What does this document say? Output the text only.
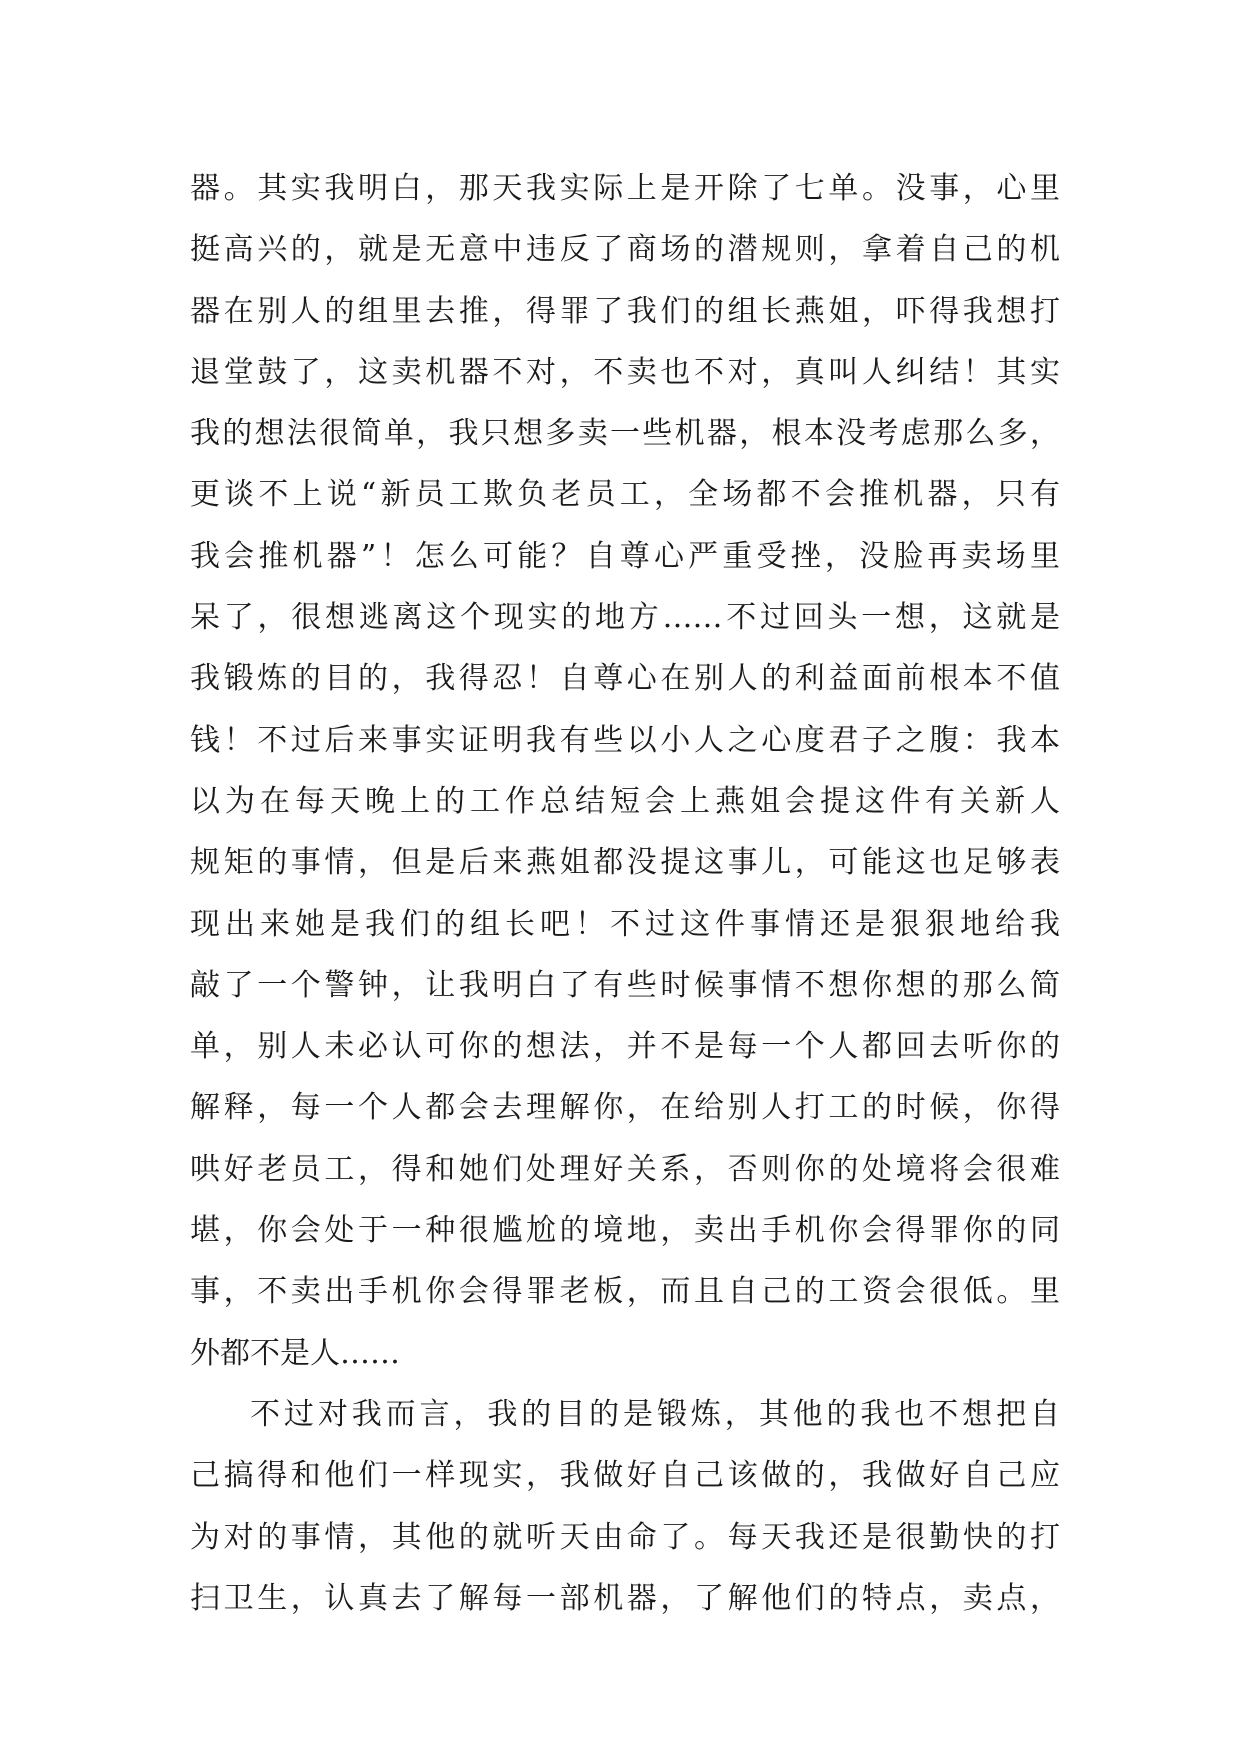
器。其实我明白，那天我实际上是开除了七单。没事，心里
挺高兴的，就是无意中违反了商场的潜规则，拿着自己的机
器在别人的组里去推，得罪了我们的组长燕姐，吓得我想打
退堂鼓了，这卖机器不对，不卖也不对，真叫人纠结！其实
我的想法很简单，我只想多卖一些机器，根本没考虑那么多，
更谈不上说“新员工欺负老员工，全场都不会推机器，只有
我会推机器”！怎么可能？自尊心严重受挫，没脸再卖场里
呆了，很想逃离这个现实的地方……不过回头一想，这就是
我锻炼的目的，我得忍！自尊心在别人的利益面前根本不值
钱！不过后来事实证明我有些以小人之心度君子之腹：我本
以为在每天晚上的工作总结短会上燕姐会提这件有关新人
规矩的事情，但是后来燕姐都没提这事儿，可能这也足够表
现出来她是我们的组长吧！不过这件事情还是狠狠地给我
敲了一个警钟，让我明白了有些时候事情不想你想的那么简
单，别人未必认可你的想法，并不是每一个人都回去听你的
解释，每一个人都会去理解你，在给别人打工的时候，你得
哄好老员工，得和她们处理好关系，否则你的处境将会很难
堪，你会处于一种很尴尬的境地，卖出手机你会得罪你的同
事，不卖出手机你会得罪老板，而且自己的工资会很低。里
外都不是人……
不过对我而言，我的目的是锻炼，其他的我也不想把自
己搞得和他们一样现实，我做好自己该做的，我做好自己应
为对的事情，其他的就听天由命了。每天我还是很勤快的打
扫卫生，认真去了解每一部机器，了解他们的特点，卖点，
